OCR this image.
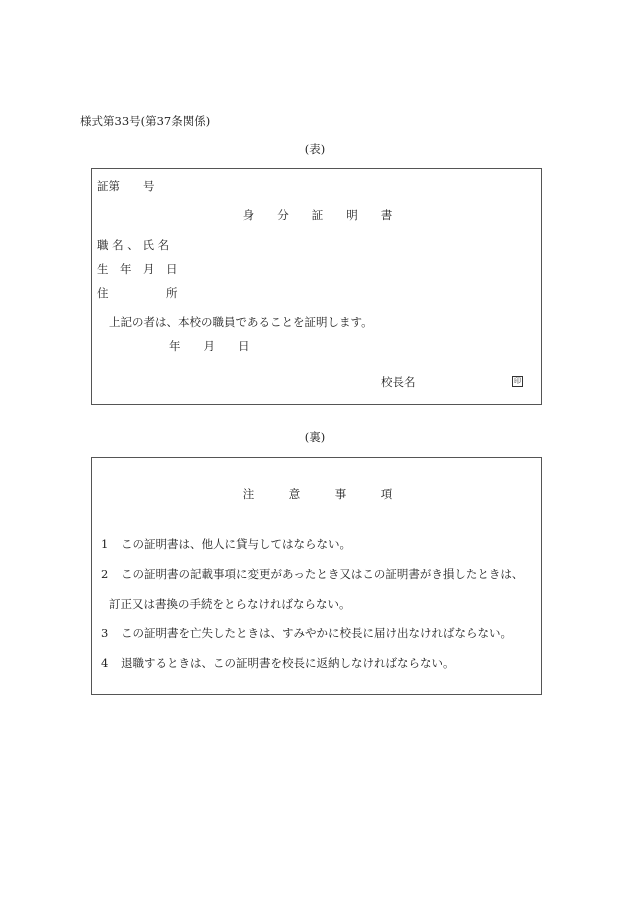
様式第33号(第37条関係)
(表)
証第　　号
身　　分　　証　　明　　書
職 名 、 氏 名
生　年　月　日
住　　　　　所
上記の者は、本校の職員であることを証明します。
年　　月　　日
校長名	印
(裏)
注　　　意　　　事　　　項
1 この証明書は、他人に貸与してはならない。
2 この証明書の記載事項に変更があったとき又はこの証明書がき損したときは、
訂正又は書換の手続をとらなければならない。
3 この証明書を亡失したときは、すみやかに校長に届け出なければならない。
4 退職するときは、この証明書を校長に返納しなければならない。
